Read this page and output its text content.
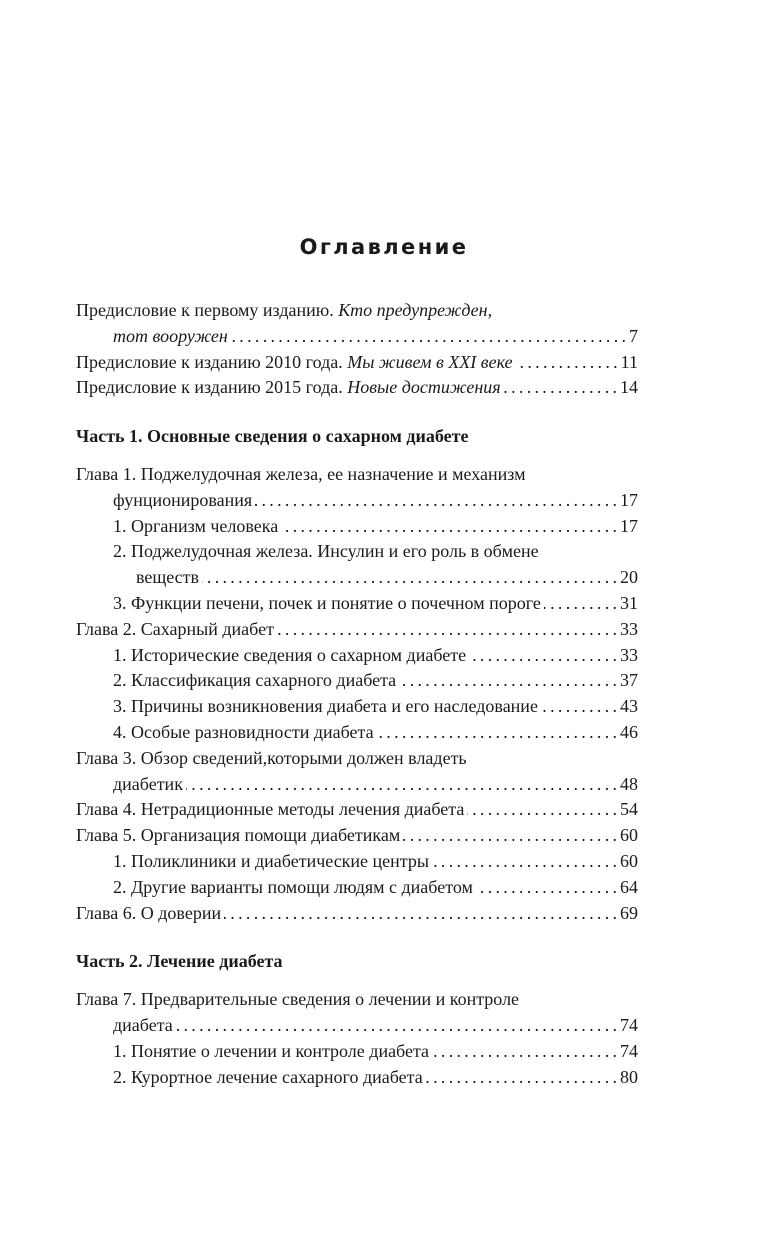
Оглавление
Предисловие к первому изданию. Кто предупрежден,
тот вооружен . . .	7
Предисловие к изданию 2010 года. Мы живем в XXI веке . . .	11
Предисловие к изданию 2015 года. Новые достижения . . .	14
Часть 1. Основные сведения о сахарном диабете
Глава 1. Поджелудочная железа, ее назначение и механизм
фунционирования . . .	17
1. Организм человека . . .	17
2. Поджелудочная железа. Инсулин и его роль в обмене
веществ . . .	20
3. Функции печени, почек и понятие о почечном пороге . . .	31
Глава 2. Сахарный диабет . . .	33
1. Исторические сведения о сахарном диабете . . .	33
2. Классификация сахарного диабета . . .	37
3. Причины возникновения диабета и его наследование . . .	43
4. Особые разновидности диабета . . .	46
Глава 3. Обзор сведений,которыми должен владеть
диабетик . . .	48
Глава 4. Нетрадиционные методы лечения диабета . . .	54
Глава 5. Организация помощи диабетикам . . .	60
1. Поликлиники и диабетические центры . . .	60
2. Другие варианты помощи людям с диабетом . . .	64
Глава 6. О доверии . . .	69
Часть 2. Лечение диабета
Глава 7. Предварительные сведения о лечении и контроле
диабета . . .	74
1. Понятие о лечении и контроле диабета . . .	74
2. Курортное лечение сахарного диабета . . .	80
